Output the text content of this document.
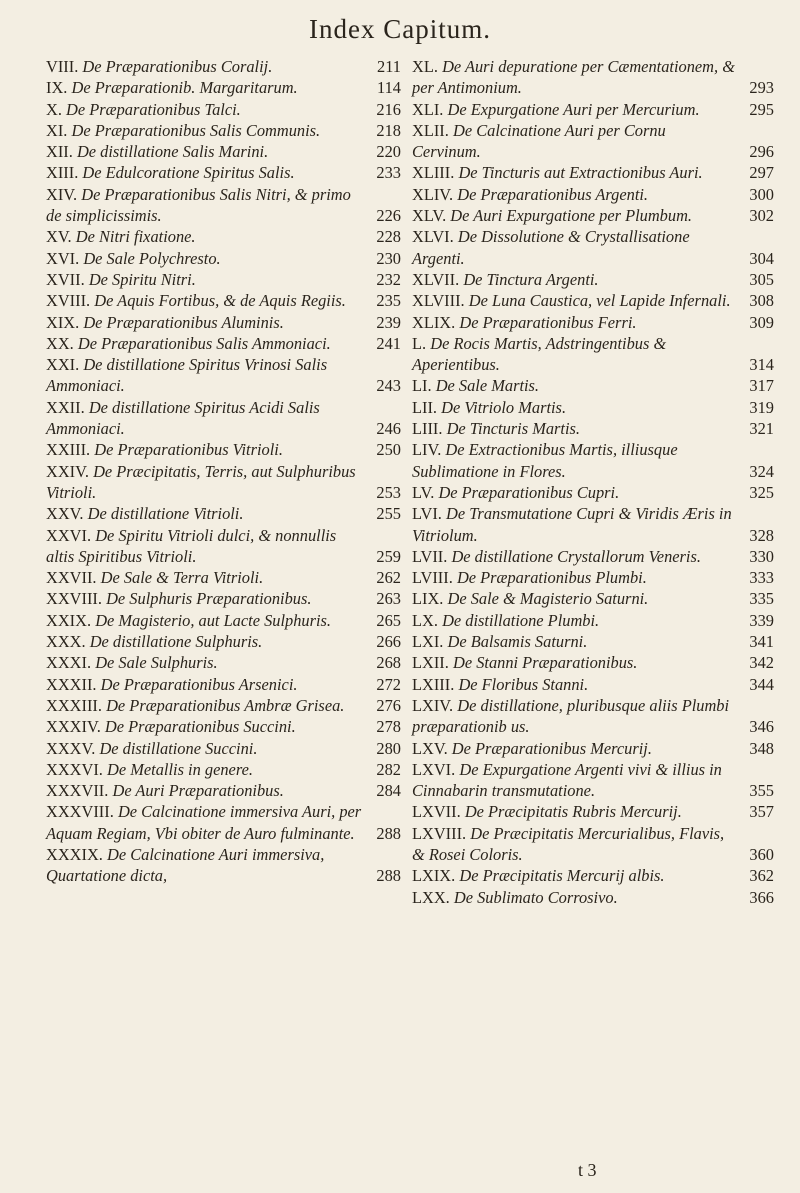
Index Capitum.
VIII. De Præparationibus Coralij.	211
IX. De Præparationib. Margaritarum.	114
X. De Præparationibus Talci.	216
XI. De Præparationibus Salis Communis.	218
XII. De distillatione Salis Marini.	220
XIII. De Edulcoratione Spiritus Salis.	233
XIV. De Præparationibus Salis Nitri, & primo de simplicissimis.	226
XV. De Nitri fixatione.	228
XVI. De Sale Polychresto.	230
XVII. De Spiritu Nitri.	232
XVIII. De Aquis Fortibus, & de Aquis Regiis. 235
XIX. De Præparationibus Aluminis.	239
XX. De Præparationibus Salis Ammoniaci.	241
XXI. De distillatione Spiritus Vrinosi Salis Ammoniaci.	243
XXII. De distillatione Spiritus Acidi Salis Ammoniaci.	246
XXIII. De Præparationibus Vitrioli.	250
XXIV. De Præcipitatis, Terris, aut Sulphuribus Vitrioli.	253
XXV. De distillatione Vitrioli.	255
XXVI. De Spiritu Vitrioli dulci, & nonnullis altis Spiritibus Vitrioli.	259
XXVII. De Sale & Terra Vitrioli.	262
XXVIII. De Sulphuris Præparationibus.	263
XXIX. De Magisterio, aut Lacte Sulphuris.	265
XXX. De distillatione Sulphuris.	266
XXXI. De Sale Sulphuris.	268
XXXII. De Præparationibus Arsenici.	272
XXXIII. De Præparationibus Ambræ Grisea. 276
XXXIV. De Præparationibus Succini.	278
XXXV. De distillatione Succini.	280
XXXVI. De Metallis in genere.	282
XXXVII. De Auri Præparationibus.	284
XXXVIII. De Calcinatione immersiva Auri, per Aquam Regiam, Vbi obiter de Auro fulminante. 288
XXXIX. De Calcinatione Auri immersiva, Quartatione dicta,	288
XL. De Auri depuratione per Cæmentationem, & per Antimonium.	293
XLI. De Expurgatione Auri per Mercurium.	295
XLII. De Calcinatione Auri per Cornu Cervinum.	296
XLIII. De Tincturis aut Extractionibus Auri.	297
XLIV. De Præparationibus Argenti.	300
XLV. De Auri Expurgatione per Plumbum.	302
XLVI. De Dissolutione & Crystallisatione Argenti.	304
XLVII. De Tinctura Argenti.	305
XLVIII. De Luna Caustica, vel Lapide Infernali. 308
XLIX. De Præparationibus Ferri.	309
L. De Rocis Martis, Adstringentibus & Aperientibus.	314
LI. De Sale Martis.	317
LII. De Vitriolo Martis.	319
LIII. De Tincturis Martis.	321
LIV. De Extractionibus Martis, illiusque Sublimatione in Flores.	324
LV. De Præparationibus Cupri.	325
LVI. De Transmutatione Cupri & Viridis Æris in Vitriolum.	328
LVII. De distillatione Crystallorum Veneris.	330
LVIII. De Præparationibus Plumbi.	333
LIX. De Sale & Magisterio Saturni.	335
LX. De distillatione Plumbi.	339
LXI. De Balsamis Saturni.	341
LXII. De Stanni Præparationibus.	342
LXIII. De Floribus Stanni.	344
LXIV. De distillatione, pluribusque aliis Plumbi præparationib us.	346
LXV. De Præparationibus Mercurij.	348
LXVI. De Expurgatione Argenti vivi & illius in Cinnabarin transmutatione.	355
LXVII. De Præcipitatis Rubris Mercurij.	357
LXVIII. De Præcipitatis Mercurialibus, Flavis, & Rosei Coloris.	360
LXIX. De Præcipitatis Mercurij albis.	362
LXX. De Sublimato Corrosivo.	366
t 3
